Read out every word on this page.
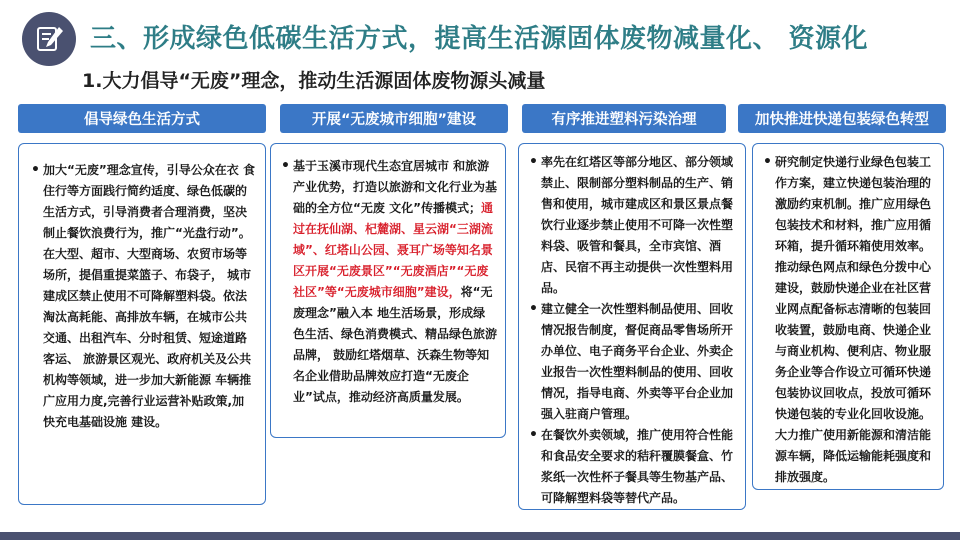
三、形成绿色低碳生活方式，提高生活源固体废物减量化、 资源化
1.大力倡导“无废”理念，推动生活源固体废物源头减量
倡导绿色生活方式
• 加大“无废”理念宣传，引导公众在衣 食住行等方面践行简约适度、绿色低碳的生活方式，引导消费者合理消费，坚决制止餐饮浪费行为，推广“光盘行动”。在大型、超市、大型商场、农贸市场等场所，提倡重提菜篮子、布袋子， 城市建成区禁止使用不可降解塑料袋。依法淘汰高耗能、高排放车辆，在城市公共交通、出租汽车、分时租赁、短途道路客运、 旅游景区观光、政府机关及公共机构等领域，进一步加大新能源 车辆推广应用力度,完善行业运营补贴政策,加快充电基础设施 建设。
开展“无废城市细胞”建设
• 基于玉溪市现代生态宜居城市 和旅游产业优势，打造以旅游和文化行业为基础的全方位“无废 文化”传播模式；通过在抚仙湖、杞麓湖、星云湖“三湖流域”、红塔山公园、聂耳广场等知名景区开展“无废景区”“无废酒店”“无废社区”等“无废城市细胞”建设，将“无废理念”融入本 地生活场景，形成绿色生活、绿色消费模式、精品绿色旅游品牌， 鼓励红塔烟草、沃森生物等知名企业借助品牌效应打造“无废企 业”试点，推动经济高质量发展。
有序推进塑料污染治理
• 率先在红塔区等部分地区、部分领域禁止、限制部分塑料制品的生产、销售和使用，城市建成区和景区景点餐饮行业逐步禁止使用不可降一次性塑料袋、吸管和餐具，全市宾馆、酒店、民宿不再主动提供一次性塑料用品。
• 建立健全一次性塑料制品使用、回收情况报告制度，督促商品零售场所开办单位、电子商务平台企业、外卖企业报告一次性塑料制品的使用、回收情况，指导电商、外卖等平台企业加强入驻商户管理。
• 在餐饮外卖领域，推广使用符合性能和食品安全要求的秸秆覆膜餐盒、竹浆纸一次性杯子餐具等生物基产品、可降解塑料袋等替代产品。
加快推进快递包装绿色转型
• 研究制定快递行业绿色包装工作方案，建立快递包装治理的激励约束机制。推广应用绿色包装技术和材料，推广应用循环箱，提升循环箱使用效率。推动绿色网点和绿色分拨中心建设，鼓励快递企业在社区营业网点配备标志清晰的包装回收装置，鼓励电商、快递企业与商业机构、便利店、物业服务企业等合作设立可循环快递包装协议回收点，投放可循环快递包装的专业化回收设施。大力推广使用新能源和清洁能源车辆，降低运输能耗强度和排放强度。
